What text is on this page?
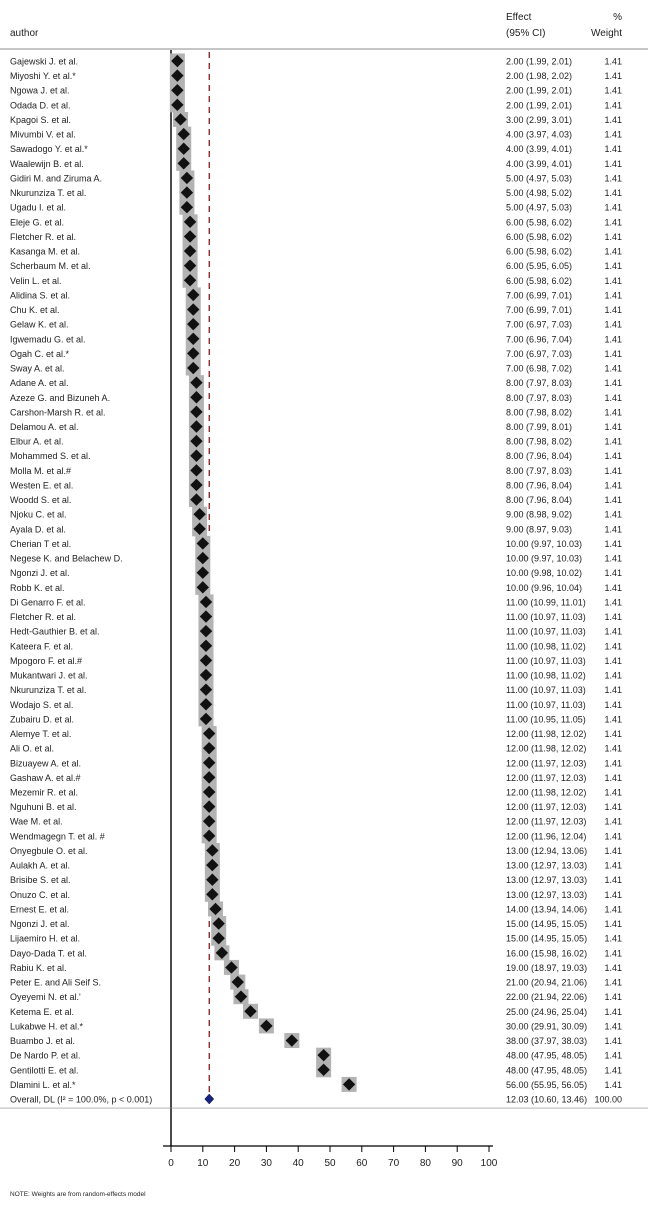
author
Effect
(95% CI)
%
Weight
Gajewski J. et al.	2.00 (1.99, 2.01)	1.41
Miyoshi Y. et al.*	2.00 (1.98, 2.02)	1.41
Ngowa J. et al.	2.00 (1.99, 2.01)	1.41
Odada D. et al.	2.00 (1.99, 2.01)	1.41
Kpagoi S. et al.	3.00 (2.99, 3.01)	1.41
Mivumbi V. et al.	4.00 (3.97, 4.03)	1.41
Sawadogo Y. et al.*	4.00 (3.99, 4.01)	1.41
Waalewijn B. et al.	4.00 (3.99, 4.01)	1.41
Gidiri M. and Ziruma A.	5.00 (4.97, 5.03)	1.41
Nkurunziza T. et al.	5.00 (4.98, 5.02)	1.41
Ugadu I. et al.	5.00 (4.97, 5.03)	1.41
Eleje G. et al.	6.00 (5.98, 6.02)	1.41
Fletcher R. et al.	6.00 (5.98, 6.02)	1.41
Kasanga M. et al.	6.00 (5.98, 6.02)	1.41
Scherbaum M. et al.	6.00 (5.95, 6.05)	1.41
Velin L. et al.	6.00 (5.98, 6.02)	1.41
Alidina S. et al.	7.00 (6.99, 7.01)	1.41
Chu K. et al.	7.00 (6.99, 7.01)	1.41
Gelaw K. et al.	7.00 (6.97, 7.03)	1.41
Igwemadu G. et al.	7.00 (6.96, 7.04)	1.41
Ogah C. et al.*	7.00 (6.97, 7.03)	1.41
Sway A. et al.	7.00 (6.98, 7.02)	1.41
Adane A. et al.	8.00 (7.97, 8.03)	1.41
Azeze G. and Bizuneh A.	8.00 (7.97, 8.03)	1.41
Carshon-Marsh R. et al.	8.00 (7.98, 8.02)	1.41
Delamou A. et al.	8.00 (7.99, 8.01)	1.41
Elbur A. et al.	8.00 (7.98, 8.02)	1.41
Mohammed S. et al.	8.00 (7.96, 8.04)	1.41
Molla M. et al.#	8.00 (7.97, 8.03)	1.41
Westen E. et al.	8.00 (7.96, 8.04)	1.41
Woodd S. et al.	8.00 (7.96, 8.04)	1.41
Njoku C. et al.	9.00 (8.98, 9.02)	1.41
Ayala D. et al.	9.00 (8.97, 9.03)	1.41
Cherian T et al.	10.00 (9.97, 10.03) 1.41
Negese K. and Belachew D.	10.00 (9.97, 10.03) 1.41
Ngonzi J. et al.	10.00 (9.98, 10.02) 1.41
Robb K. et al.	10.00 (9.96, 10.04) 1.41
Di Genarro F. et al.	11.00 (10.99, 11.01) 1.41
Fletcher R. et al.	11.00 (10.97, 11.03) 1.41
Hedt-Gauthier B. et al.	11.00 (10.97, 11.03) 1.41
Kateera F. et al.	11.00 (10.98, 11.02) 1.41
Mpogoro F. et al.#	11.00 (10.97, 11.03) 1.41
Mukantwari J. et al.	11.00 (10.98, 11.02) 1.41
Nkurunziza T. et al.	11.00 (10.97, 11.03) 1.41
Wodajo S. et al.	11.00 (10.97, 11.03) 1.41
Zubairu D. et al.	11.00 (10.95, 11.05) 1.41
Alemye T. et al.	12.00 (11.98, 12.02) 1.41
Ali O. et al.	12.00 (11.98, 12.02) 1.41
Bizuayew A. et al.	12.00 (11.97, 12.03) 1.41
Gashaw A. et al.#	12.00 (11.97, 12.03) 1.41
Mezemir R. et al.	12.00 (11.98, 12.02) 1.41
Nguhuni B. et al.	12.00 (11.97, 12.03) 1.41
Wae M. et al.	12.00 (11.97, 12.03) 1.41
Wendmagegn T. et al. #	12.00 (11.96, 12.04) 1.41
Onyegbule O. et al.	13.00 (12.94, 13.06) 1.41
Aulakh A. et al.	13.00 (12.97, 13.03) 1.41
Brisibe S. et al.	13.00 (12.97, 13.03) 1.41
Onuzo C. et al.	13.00 (12.97, 13.03) 1.41
Ernest E. et al.	14.00 (13.94, 14.06) 1.41
Ngonzi J. et al.	15.00 (14.95, 15.05) 1.41
Lijaemiro H. et al.	15.00 (14.95, 15.05) 1.41
Dayo-Dada T. et al.	16.00 (15.98, 16.02) 1.41
Rabiu K. et al.	19.00 (18.97, 19.03) 1.41
Peter E. and Ali Seif S.	21.00 (20.94, 21.06) 1.41
Oyeyemi N. et al.'	22.00 (21.94, 22.06) 1.41
Ketema E. et al.	25.00 (24.96, 25.04) 1.41
Lukabwe H. et al.*	30.00 (29.91, 30.09) 1.41
Buambo J. et al.	38.00 (37.97, 38.03) 1.41
De Nardo P. et al.	48.00 (47.95, 48.05) 1.41
Gentilotti E. et al.	48.00 (47.95, 48.05) 1.41
Dlamini L. et al.*	56.00 (55.95, 56.05) 1.41
Overall, DL (I² = 100.0%, p < 0.001)	12.03 (10.60, 13.46) 100.00
0 10 20 30 40 50 60 70 80 90 100
NOTE: Weights are from random-effects model
